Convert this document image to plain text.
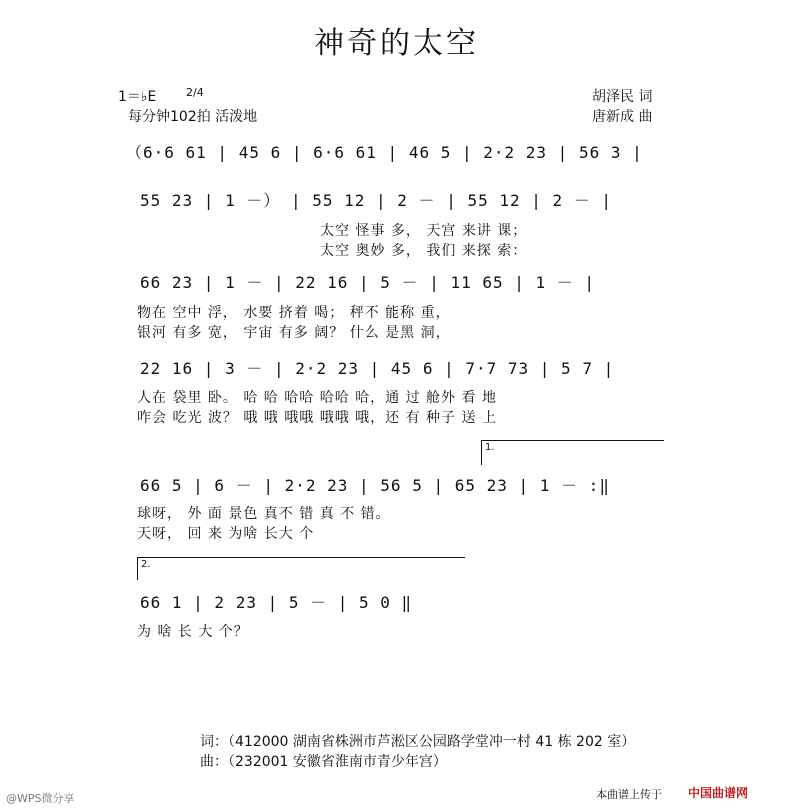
神奇的太空
1＝♭E	2/4
每分钟102拍 活泼地
胡泽民 词
唐新成 曲
（6·6 61 | 45 6 | 6·6 61 | 46 5 | 2·2 23 | 56 3 |
55 23 | 1 －） | 55 12 | 2 － | 55 12 | 2 － |
太空 怪事 多， 天宫 来讲 课；
太空 奥妙 多， 我们 来探 索：
66 23 | 1 － | 22 16 | 5 － | 11 65 | 1 － |
物在 空中 浮， 水要 挤着 喝； 秤不 能称 重，
银河 有多 宽， 宇宙 有多 阔？ 什么 是黑 洞，
22 16 | 3 － | 2·2 23 | 45 6 | 7·7 73 | 5 7 |
人在 袋里 卧。 哈 哈 哈哈 哈哈 哈，通 过 舱外 看 地
咋会 吃光 波？ 哦 哦 哦哦 哦哦 哦，还 有 种子 送 上
1.
66 5 | 6 － | 2·2 23 | 56 5 | 65 23 | 1 － :‖
球呀， 外 面 景色 真不 错 真 不 错。
天呀， 回 来 为啥 长大 个
2.
66 1 | 2 23 | 5 － | 5 0 ‖
为 啥 长 大 个？
词：（412000 湖南省株洲市芦淞区公园路学堂冲一村 41 栋 202 室）
曲：（232001 安徽省淮南市青少年宫）
本曲谱上传于 中国曲谱网
@WPS微分享
